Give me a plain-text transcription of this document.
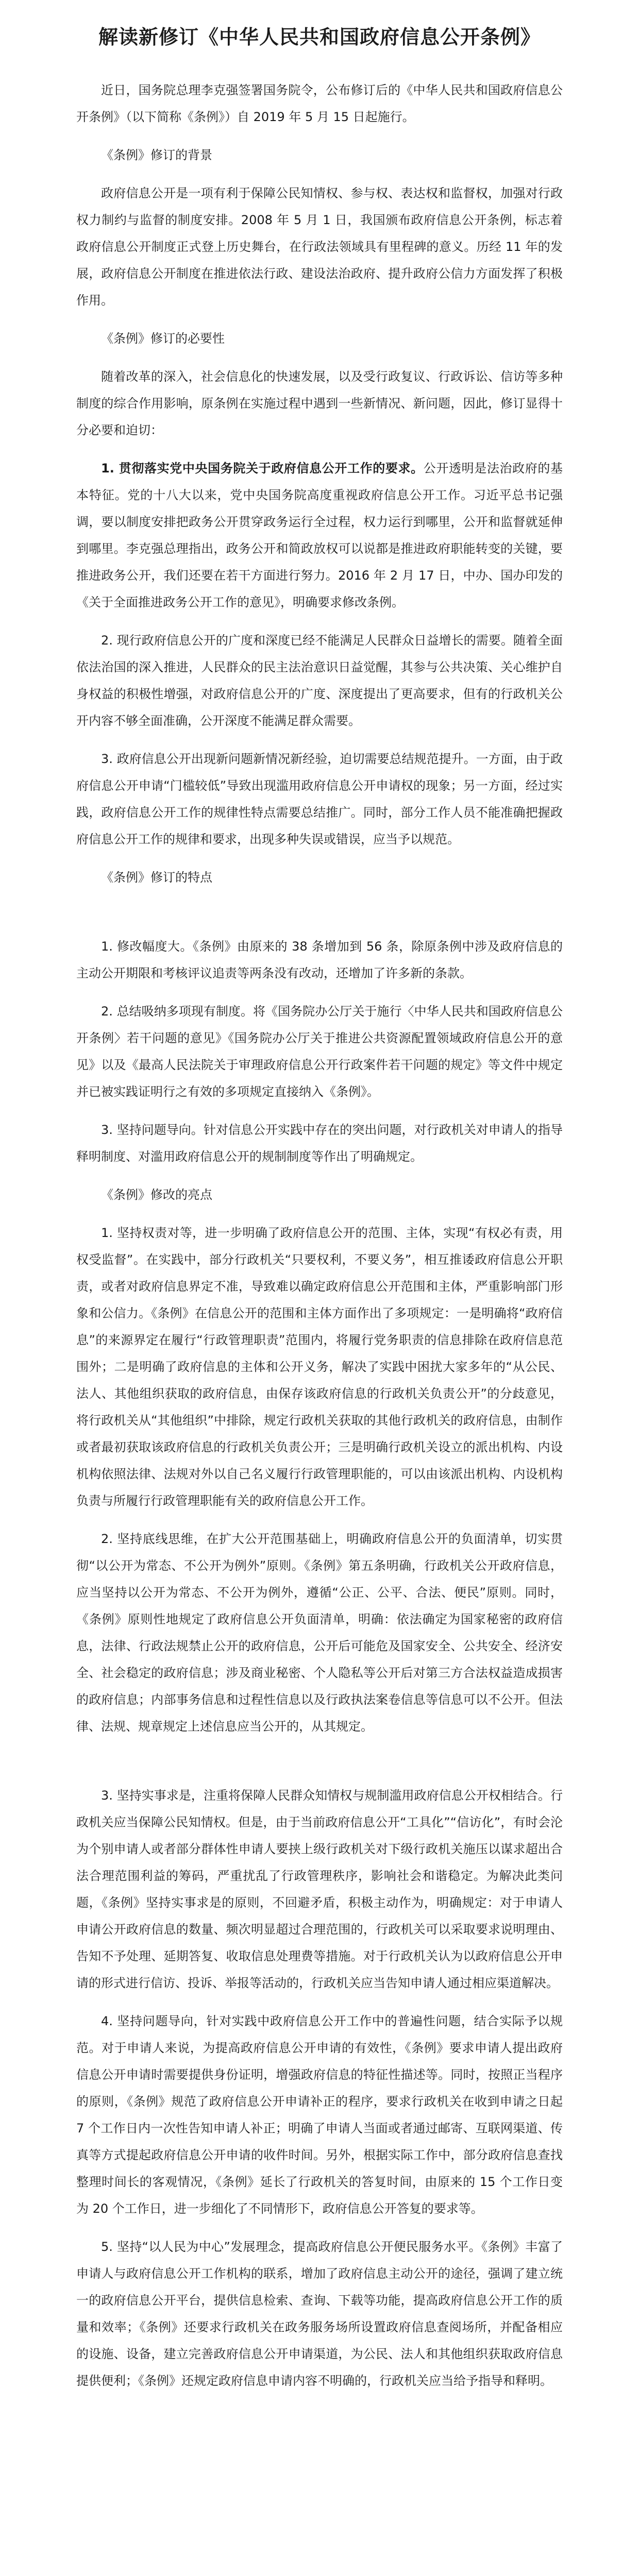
解读新修订《中华人民共和国政府信息公开条例》

近日，国务院总理李克强签署国务院令，公布修订后的《中华人民共和国政府信息公开条例》（以下简称《条例》）自 2019 年 5 月 15 日起施行。

《条例》修订的背景

政府信息公开是一项有利于保障公民知情权、参与权、表达权和监督权，加强对行政权力制约与监督的制度安排。2008 年 5 月 1 日，我国颁布政府信息公开条例，标志着政府信息公开制度正式登上历史舞台，在行政法领域具有里程碑的意义。历经 11 年的发展，政府信息公开制度在推进依法行政、建设法治政府、提升政府公信力方面发挥了积极作用。

《条例》修订的必要性

随着改革的深入，社会信息化的快速发展，以及受行政复议、行政诉讼、信访等多种制度的综合作用影响，原条例在实施过程中遇到一些新情况、新问题，因此，修订显得十分必要和迫切：

1. 贯彻落实党中央国务院关于政府信息公开工作的要求。公开透明是法治政府的基本特征。党的十八大以来，党中央国务院高度重视政府信息公开工作。习近平总书记强调，要以制度安排把政务公开贯穿政务运行全过程，权力运行到哪里，公开和监督就延伸到哪里。李克强总理指出，政务公开和简政放权可以说都是推进政府职能转变的关键，要推进政务公开，我们还要在若干方面进行努力。2016 年 2 月 17 日，中办、国办印发的《关于全面推进政务公开工作的意见》，明确要求修改条例。

2. 现行政府信息公开的广度和深度已经不能满足人民群众日益增长的需要。随着全面依法治国的深入推进，人民群众的民主法治意识日益觉醒，其参与公共决策、关心维护自身权益的积极性增强，对政府信息公开的广度、深度提出了更高要求，但有的行政机关公开内容不够全面准确，公开深度不能满足群众需要。

3. 政府信息公开出现新问题新情况新经验，迫切需要总结规范提升。一方面，由于政府信息公开申请“门槛较低”导致出现滥用政府信息公开申请权的现象；另一方面，经过实践，政府信息公开工作的规律性特点需要总结推广。同时，部分工作人员不能准确把握政府信息公开工作的规律和要求，出现多种失误或错误，应当予以规范。

《条例》修订的特点

1. 修改幅度大。《条例》由原来的 38 条增加到 56 条，除原条例中涉及政府信息的主动公开期限和考核评议追责等两条没有改动，还增加了许多新的条款。

2. 总结吸纳多项现有制度。将《国务院办公厅关于施行〈中华人民共和国政府信息公开条例〉若干问题的意见》《国务院办公厅关于推进公共资源配置领域政府信息公开的意见》以及《最高人民法院关于审理政府信息公开行政案件若干问题的规定》等文件中规定并已被实践证明行之有效的多项规定直接纳入《条例》。

3. 坚持问题导向。针对信息公开实践中存在的突出问题，对行政机关对申请人的指导释明制度、对滥用政府信息公开的规制制度等作出了明确规定。

《条例》修改的亮点

1. 坚持权责对等，进一步明确了政府信息公开的范围、主体，实现“有权必有责，用权受监督”。在实践中，部分行政机关“只要权利，不要义务”，相互推诿政府信息公开职责，或者对政府信息界定不准，导致难以确定政府信息公开范围和主体，严重影响部门形象和公信力。《条例》在信息公开的范围和主体方面作出了多项规定：一是明确将“政府信息”的来源界定在履行“行政管理职责”范围内，将履行党务职责的信息排除在政府信息范围外；二是明确了政府信息的主体和公开义务，解决了实践中困扰大家多年的“从公民、法人、其他组织获取的政府信息，由保存该政府信息的行政机关负责公开”的分歧意见，将行政机关从“其他组织”中排除，规定行政机关获取的其他行政机关的政府信息，由制作或者最初获取该政府信息的行政机关负责公开；三是明确行政机关设立的派出机构、内设机构依照法律、法规对外以自己名义履行行政管理职能的，可以由该派出机构、内设机构负责与所履行行政管理职能有关的政府信息公开工作。

2. 坚持底线思维，在扩大公开范围基础上，明确政府信息公开的负面清单，切实贯彻“以公开为常态、不公开为例外”原则。《条例》第五条明确，行政机关公开政府信息，应当坚持以公开为常态、不公开为例外，遵循“公正、公平、合法、便民”原则。同时，《条例》原则性地规定了政府信息公开负面清单，明确：依法确定为国家秘密的政府信息，法律、行政法规禁止公开的政府信息，公开后可能危及国家安全、公共安全、经济安全、社会稳定的政府信息；涉及商业秘密、个人隐私等公开后对第三方合法权益造成损害的政府信息；内部事务信息和过程性信息以及行政执法案卷信息等信息可以不公开。但法律、法规、规章规定上述信息应当公开的，从其规定。

3. 坚持实事求是，注重将保障人民群众知情权与规制滥用政府信息公开权相结合。行政机关应当保障公民知情权。但是，由于当前政府信息公开“工具化”“信访化”，有时会沦为个别申请人或者部分群体性申请人要挟上级行政机关对下级行政机关施压以谋求超出合法合理范围利益的筹码，严重扰乱了行政管理秩序，影响社会和谐稳定。为解决此类问题，《条例》坚持实事求是的原则，不回避矛盾，积极主动作为，明确规定：对于申请人申请公开政府信息的数量、频次明显超过合理范围的，行政机关可以采取要求说明理由、告知不予处理、延期答复、收取信息处理费等措施。对于行政机关认为以政府信息公开申请的形式进行信访、投诉、举报等活动的，行政机关应当告知申请人通过相应渠道解决。

4. 坚持问题导向，针对实践中政府信息公开工作中的普遍性问题，结合实际予以规范。对于申请人来说，为提高政府信息公开申请的有效性，《条例》要求申请人提出政府信息公开申请时需要提供身份证明，增强政府信息的特征性描述等。同时，按照正当程序的原则，《条例》规范了政府信息公开申请补正的程序，要求行政机关在收到申请之日起 7 个工作日内一次性告知申请人补正；明确了申请人当面或者通过邮寄、互联网渠道、传真等方式提起政府信息公开申请的收件时间。另外，根据实际工作中，部分政府信息查找整理时间长的客观情况，《条例》延长了行政机关的答复时间，由原来的 15 个工作日变为 20 个工作日，进一步细化了不同情形下，政府信息公开答复的要求等。

5. 坚持“以人民为中心”发展理念，提高政府信息公开便民服务水平。《条例》丰富了申请人与政府信息公开工作机构的联系，增加了政府信息主动公开的途径，强调了建立统一的政府信息公开平台，提供信息检索、查询、下载等功能，提高政府信息公开工作的质量和效率；《条例》还要求行政机关在政务服务场所设置政府信息查阅场所，并配备相应的设施、设备，建立完善政府信息公开申请渠道，为公民、法人和其他组织获取政府信息提供便利；《条例》还规定政府信息申请内容不明确的，行政机关应当给予指导和释明。
